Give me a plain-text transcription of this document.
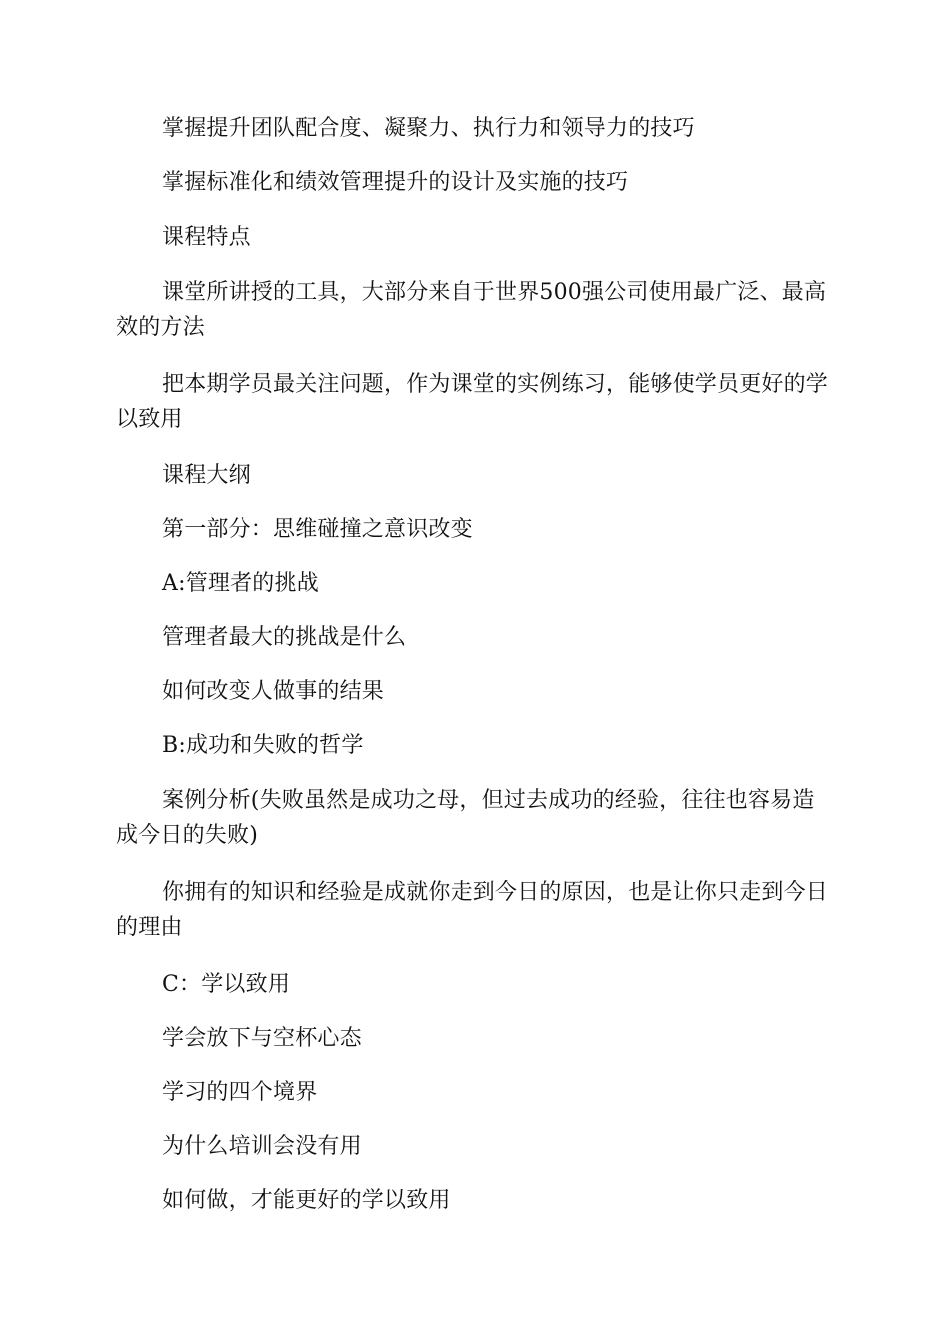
掌握提升团队配合度、凝聚力、执行力和领导力的技巧

掌握标准化和绩效管理提升的设计及实施的技巧

课程特点

课堂所讲授的工具，大部分来自于世界500强公司使用最广泛、最高效的方法

把本期学员最关注问题，作为课堂的实例练习，能够使学员更好的学以致用

课程大纲

第一部分：思维碰撞之意识改变

A:管理者的挑战

管理者最大的挑战是什么

如何改变人做事的结果

B:成功和失败的哲学

案例分析(失败虽然是成功之母，但过去成功的经验，往往也容易造成今日的失败)

你拥有的知识和经验是成就你走到今日的原因，也是让你只走到今日的理由

C：学以致用

学会放下与空杯心态

学习的四个境界

为什么培训会没有用

如何做，才能更好的学以致用
